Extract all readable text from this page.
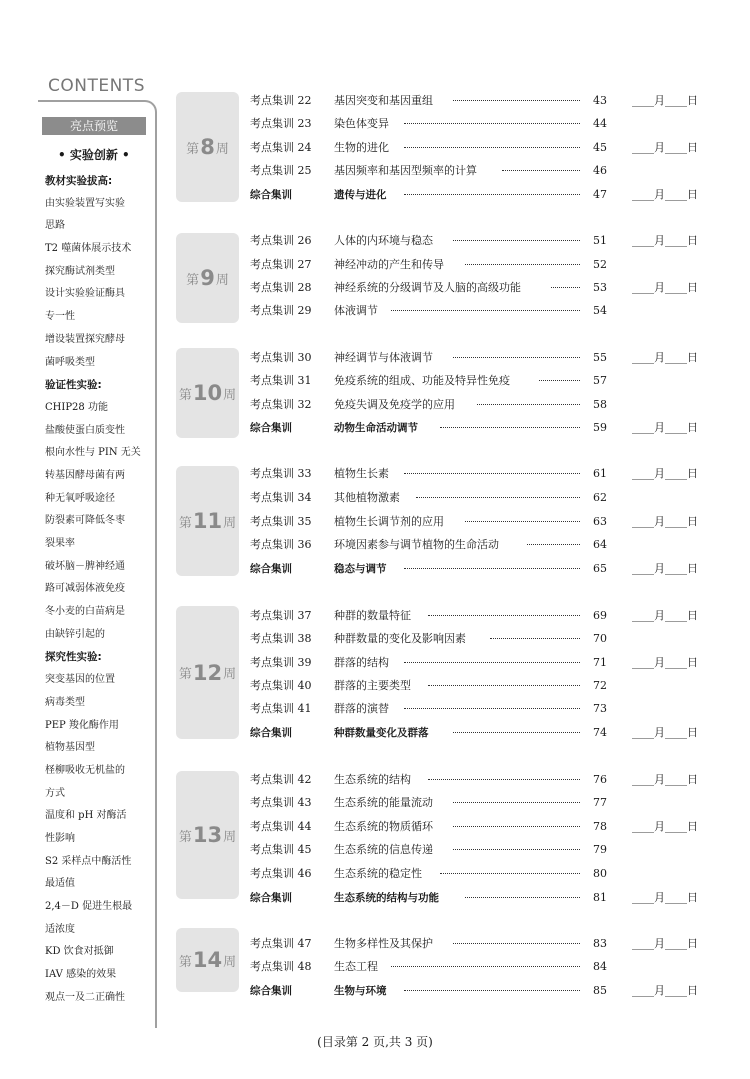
CONTENTS
亮点预览
• 实验创新 •
教材实验拔高:
由实验装置写实验
思路
T2 噬菌体展示技术
探究酶试剂类型
设计实验验证酶具
专一性
增设装置探究酵母
菌呼吸类型
验证性实验:
CHIP28 功能
盐酸使蛋白质变性
根向水性与 PIN 无关
转基因酵母菌有两
种无氧呼吸途径
防裂素可降低冬枣
裂果率
破坏脑－脾神经通
路可减弱体液免疫
冬小麦的白苗病是
由缺锌引起的
探究性实验:
突变基因的位置
病毒类型
PEP 羧化酶作用
植物基因型
柽柳吸收无机盐的
方式
温度和 pH 对酶活
性影响
S2 采样点中酶活性
最适值
2,4－D 促进生根最
适浓度
KD 饮食对抵御
IAV 感染的效果
观点一及二正确性
第 8 周
考点集训 22 基因突变和基因重组	43 ____月____日
考点集训 23 染色体变异	44
考点集训 24 生物的进化	45 ____月____日
考点集训 25 基因频率和基因型频率的计算	46
综合集训	遗传与进化	47 ____月____日
第 9 周
考点集训 26 人体的内环境与稳态	51 ____月____日
考点集训 27 神经冲动的产生和传导	52
考点集训 28 神经系统的分级调节及人脑的高级功能	53 ____月____日
考点集训 29 体液调节	54
第 10 周
考点集训 30 神经调节与体液调节	55 ____月____日
考点集训 31 免疫系统的组成、功能及特异性免疫	57
考点集训 32 免疫失调及免疫学的应用	58
综合集训	动物生命活动调节	59 ____月____日
第 11 周
考点集训 33 植物生长素	61 ____月____日
考点集训 34 其他植物激素	62
考点集训 35 植物生长调节剂的应用	63 ____月____日
考点集训 36 环境因素参与调节植物的生命活动	64
综合集训	稳态与调节	65 ____月____日
第 12 周
考点集训 37 种群的数量特征	69 ____月____日
考点集训 38 种群数量的变化及影响因素	70
考点集训 39 群落的结构	71 ____月____日
考点集训 40 群落的主要类型	72
考点集训 41 群落的演替	73
综合集训	种群数量变化及群落	74 ____月____日
第 13 周
考点集训 42 生态系统的结构	76 ____月____日
考点集训 43 生态系统的能量流动	77
考点集训 44 生态系统的物质循环	78 ____月____日
考点集训 45 生态系统的信息传递	79
考点集训 46 生态系统的稳定性	80
综合集训	生态系统的结构与功能	81 ____月____日
第 14 周
考点集训 47 生物多样性及其保护	83 ____月____日
考点集训 48 生态工程	84
综合集训	生物与环境	85 ____月____日
(目录第 2 页,共 3 页)
